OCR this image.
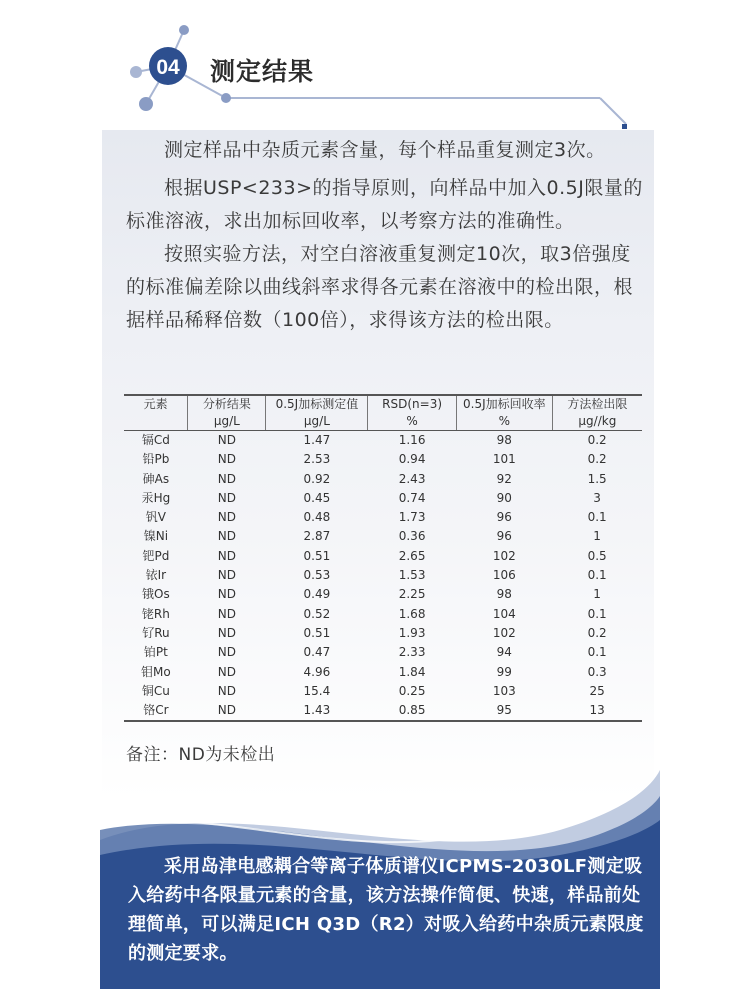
04 测定结果

测定样品中杂质元素含量，每个样品重复测定3次。

根据USP<233>的指导原则，向样品中加入0.5J限量的标准溶液，求出加标回收率，以考察方法的准确性。

按照实验方法，对空白溶液重复测定10次，取3倍强度的标准偏差除以曲线斜率求得各元素在溶液中的检出限，根据样品稀释倍数（100倍），求得该方法的检出限。

元素	分析结果	0.5J加标测定值	RSD(n=3)	0.5J加标回收率	方法检出限
	μg/L	μg/L	%	%	μg//kg
镉Cd	ND	1.47	1.16	98	0.2
铅Pb	ND	2.53	0.94	101	0.2
砷As	ND	0.92	2.43	92	1.5
汞Hg	ND	0.45	0.74	90	3
钒V	ND	0.48	1.73	96	0.1
镍Ni	ND	2.87	0.36	96	1
钯Pd	ND	0.51	2.65	102	0.5
铱Ir	ND	0.53	1.53	106	0.1
锇Os	ND	0.49	2.25	98	1
铑Rh	ND	0.52	1.68	104	0.1
钌Ru	ND	0.51	1.93	102	0.2
铂Pt	ND	0.47	2.33	94	0.1
钼Mo	ND	4.96	1.84	99	0.3
铜Cu	ND	15.4	0.25	103	25
铬Cr	ND	1.43	0.85	95	13
备注：ND为未检出

采用岛津电感耦合等离子体质谱仪ICPMS-2030LF测定吸入给药中各限量元素的含量，该方法操作简便、快速，样品前处理简单，可以满足ICH Q3D（R2）对吸入给药中杂质元素限度的测定要求。
